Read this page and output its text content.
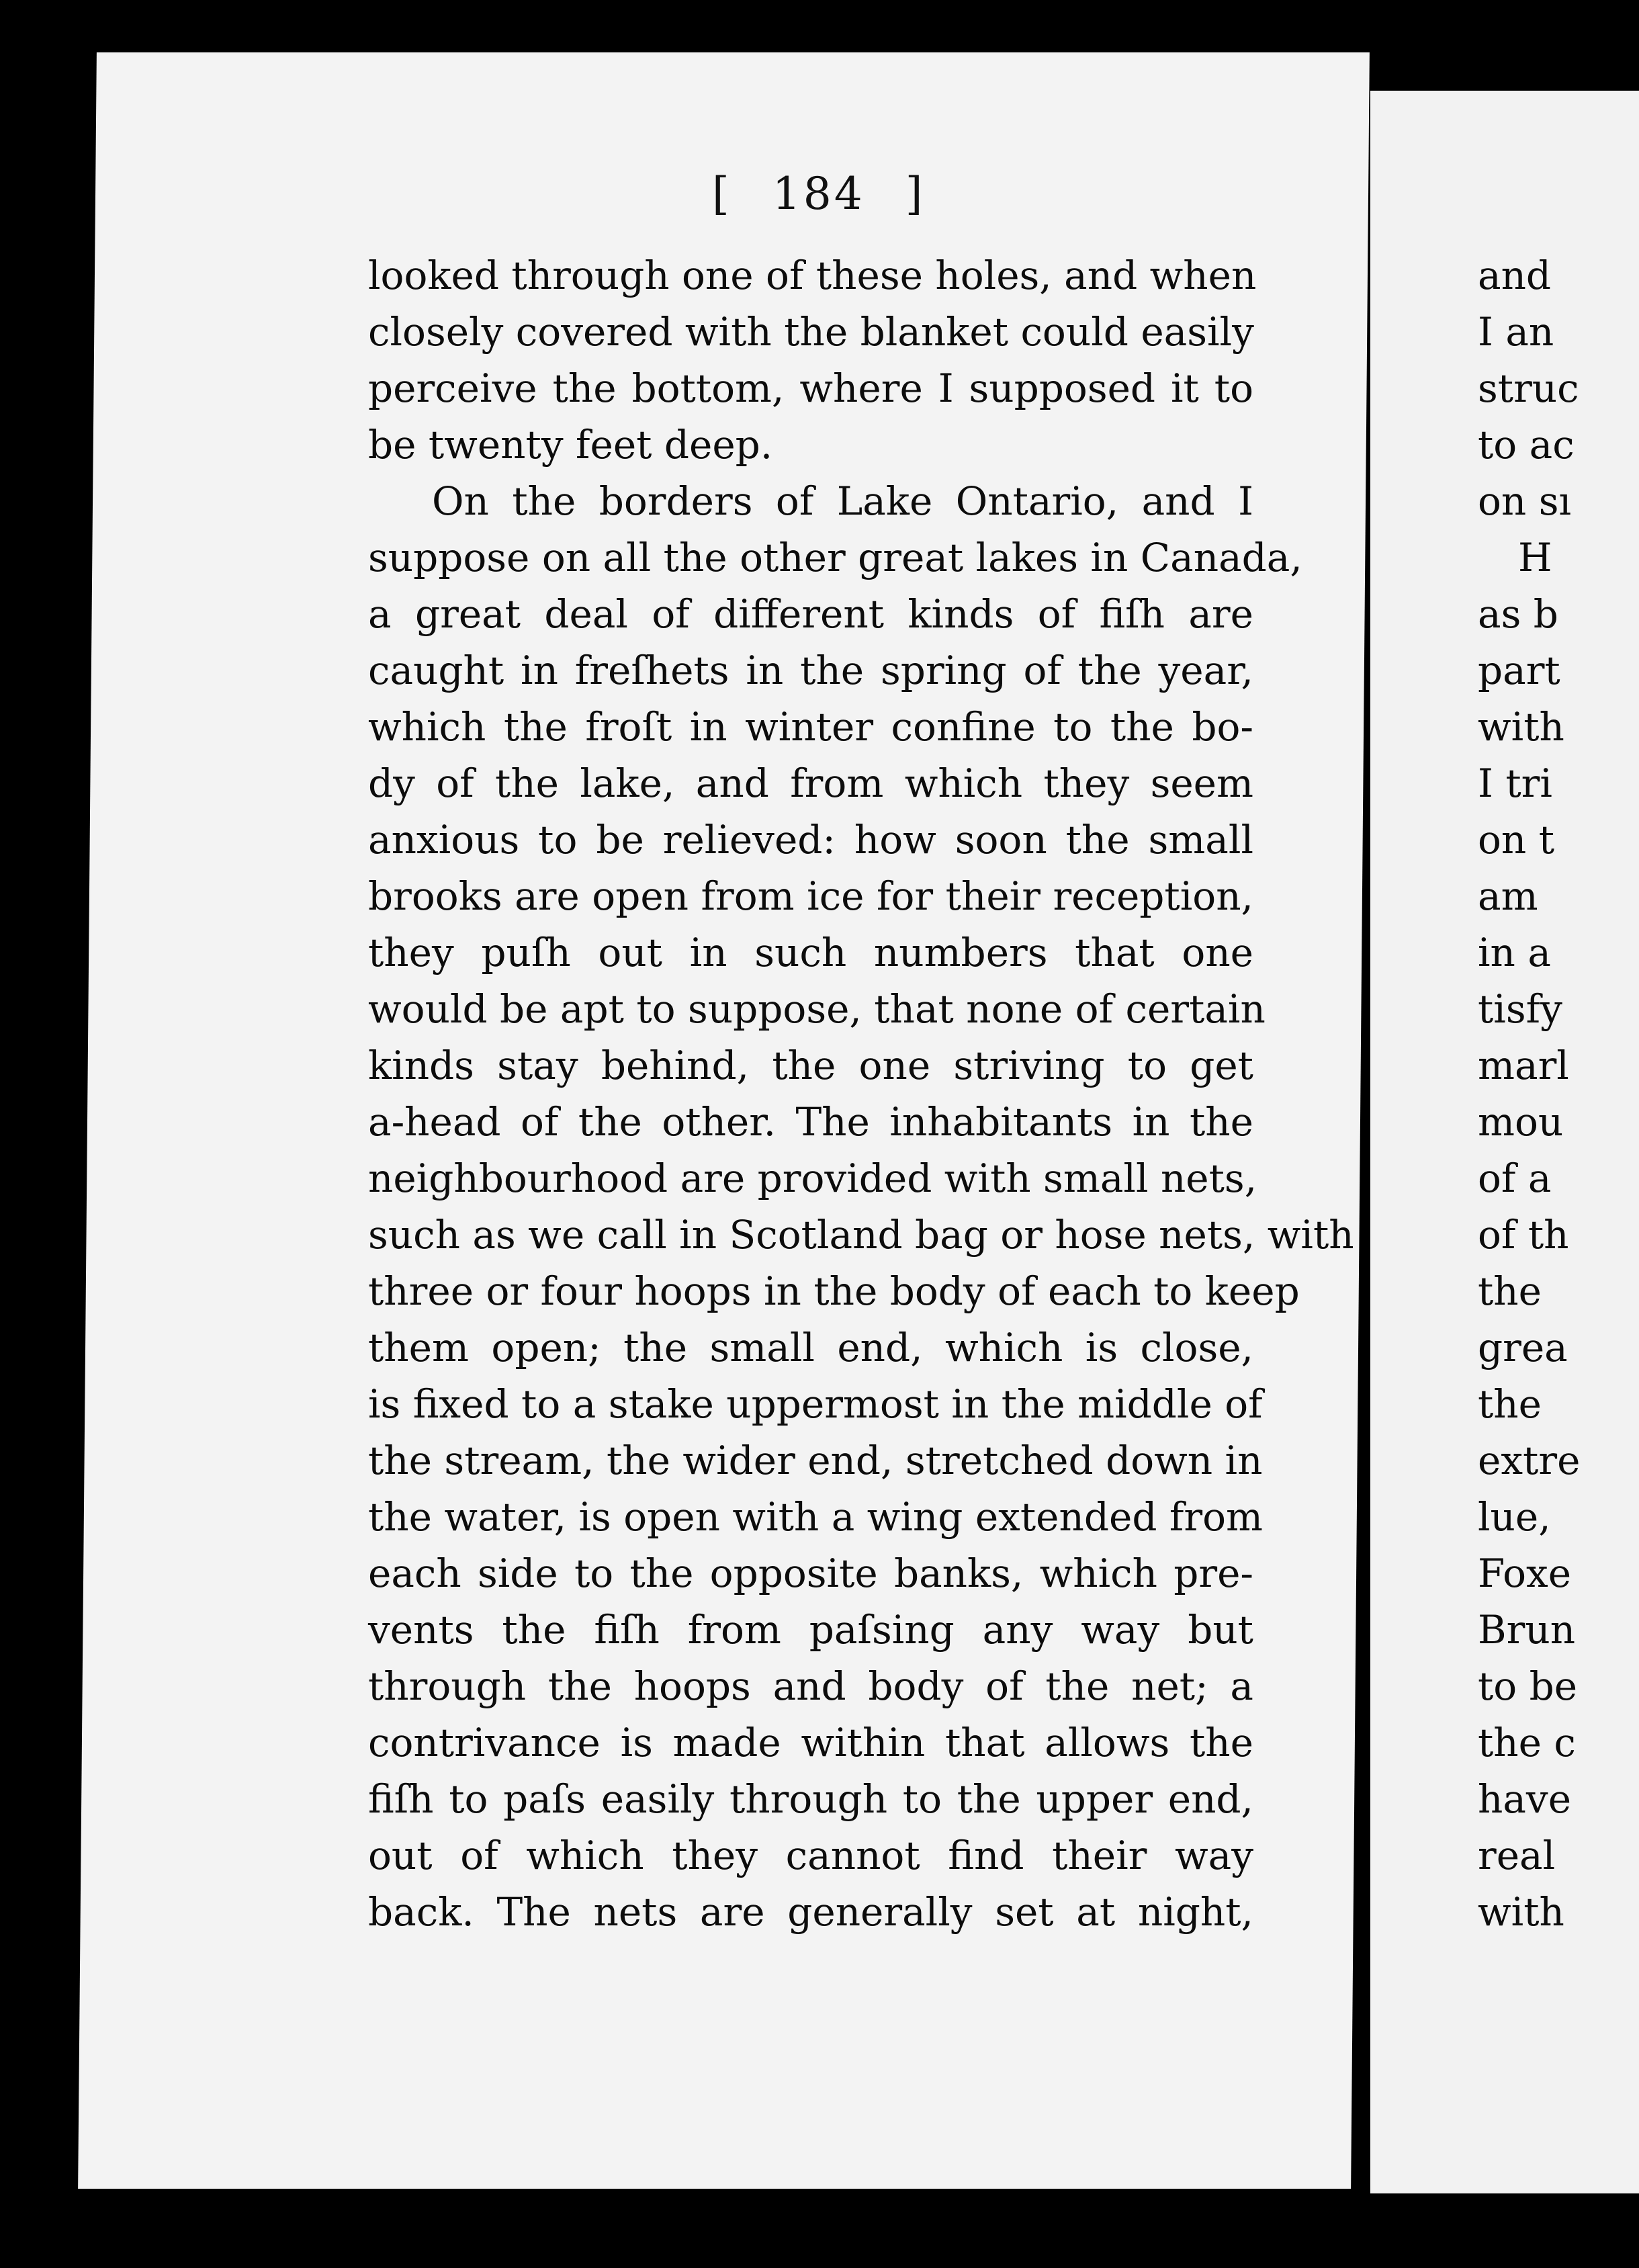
[ 184 ]
looked through one of these holes, and when
closely covered with the blanket could easily
perceive the bottom, where I supposed it to
be twenty feet deep.
On the borders of Lake Ontario, and I
suppose on all the other great lakes in Canada,
a great deal of different kinds of fiſh are
caught in freſhets in the spring of the year,
which the froſt in winter confine to the bo-
dy of the lake, and from which they seem
anxious to be relieved: how soon the small
brooks are open from ice for their reception,
they puſh out in such numbers that one
would be apt to suppose, that none of certain
kinds stay behind, the one striving to get
a-head of the other. The inhabitants in the
neighbourhood are provided with small nets,
such as we call in Scotland bag or hose nets, with
three or four hoops in the body of each to keep
them open; the small end, which is close,
is fixed to a stake uppermost in the middle of
the stream, the wider end, stretched down in
the water, is open with a wing extended from
each side to the opposite banks, which pre-
vents the fiſh from paſsing any way but
through the hoops and body of the net; a
contrivance is made within that allows the
fiſh to paſs easily through to the upper end,
out of which they cannot find their way
back. The nets are generally set at night,
and
I an
struc
to ac
on sı
H
as b
part
with
I tri
on t
am
in a
tisfy
marl
mou
of a
of th
the
grea
the
extre
lue,
Foxe
Brun
to be
the c
have
real
with
